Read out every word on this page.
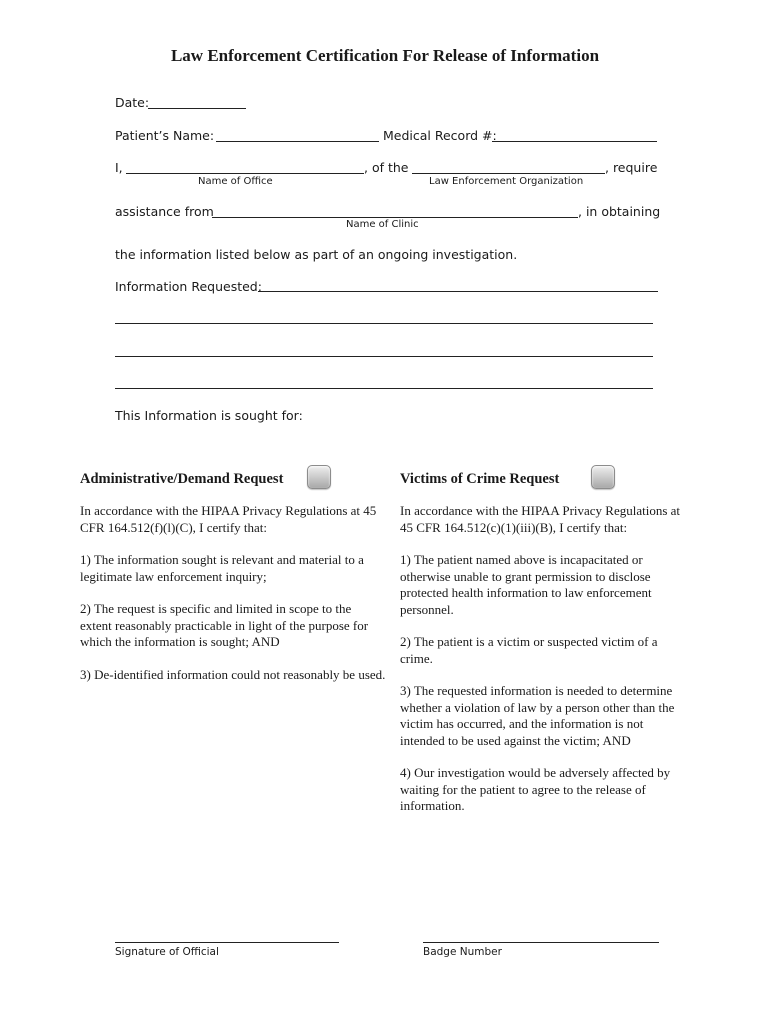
Law Enforcement Certification For Release of Information
Date:
Patient’s Name:	Medical Record #:
I,	, of the	, require
Name of Office	Law Enforcement Organization
assistance from	, in obtaining
Name of Clinic
the information listed below as part of an ongoing investigation.
Information Requested:
This Information is sought for:
Administrative/Demand Request

In accordance with the HIPAA Privacy Regulations at 45 CFR 164.512(f)(l)(C), I certify that:

1) The information sought is relevant and material to a legitimate law enforcement inquiry;

2) The request is specific and limited in scope to the extent reasonably practicable in light of the purpose for which the information is sought; AND

3) De-identified information could not reasonably be used.

Victims of Crime Request

In accordance with the HIPAA Privacy Regulations at 45 CFR 164.512(c)(1)(iii)(B), I certify that:

1) The patient named above is incapacitated or otherwise unable to grant permission to disclose protected health information to law enforcement personnel.

2) The patient is a victim or suspected victim of a crime.

3) The requested information is needed to determine whether a violation of law by a person other than the victim has occurred, and the information is not intended to be used against the victim; AND

4) Our investigation would be adversely affected by waiting for the patient to agree to the release of information.

Signature of Official	Badge Number
